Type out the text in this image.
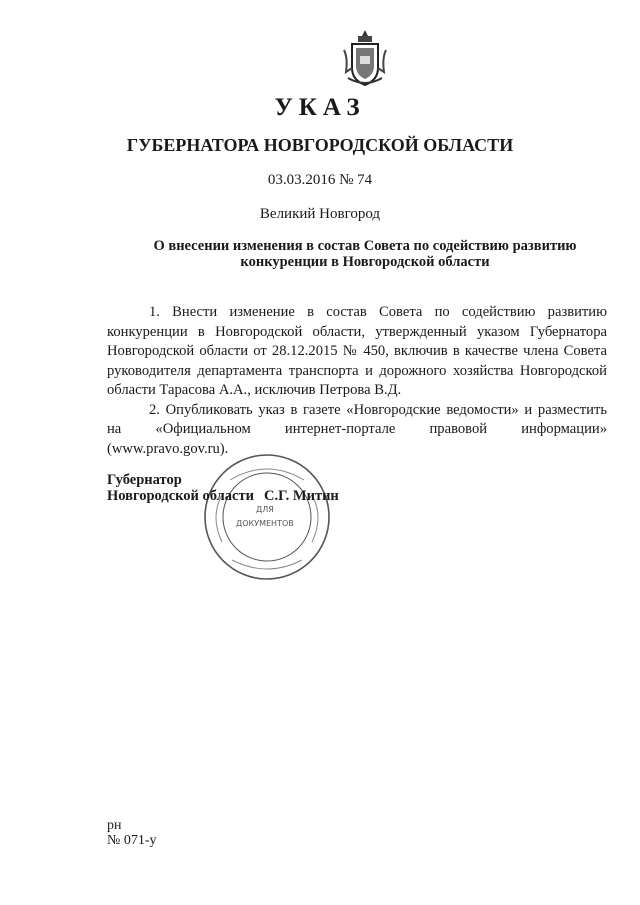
УКАЗ
ГУБЕРНАТОРА НОВГОРОДСКОЙ ОБЛАСТИ
03.03.2016 № 74
Великий Новгород
О внесении изменения в состав Совета по содействию развитию
конкуренции в Новгородской области

1. Внести изменение в состав Совета по содействию развитию конкуренции в Новгородской области, утвержденный указом Губернатора Новгородской области от 28.12.2015 № 450, включив в качестве члена Совета руководителя департамента транспорта и дорожного хозяйства Новгородской области Тарасова А.А., исключив Петрова В.Д.

2. Опубликовать указ в газете «Новгородские ведомости» и разместить на «Официальном интернет-портале правовой информации» (www.pravo.gov.ru).

ДЛЯ
ДОКУМЕНТОВ
Губернатор
Новгородской области С.Г. Митин
рн
№ 071-у
